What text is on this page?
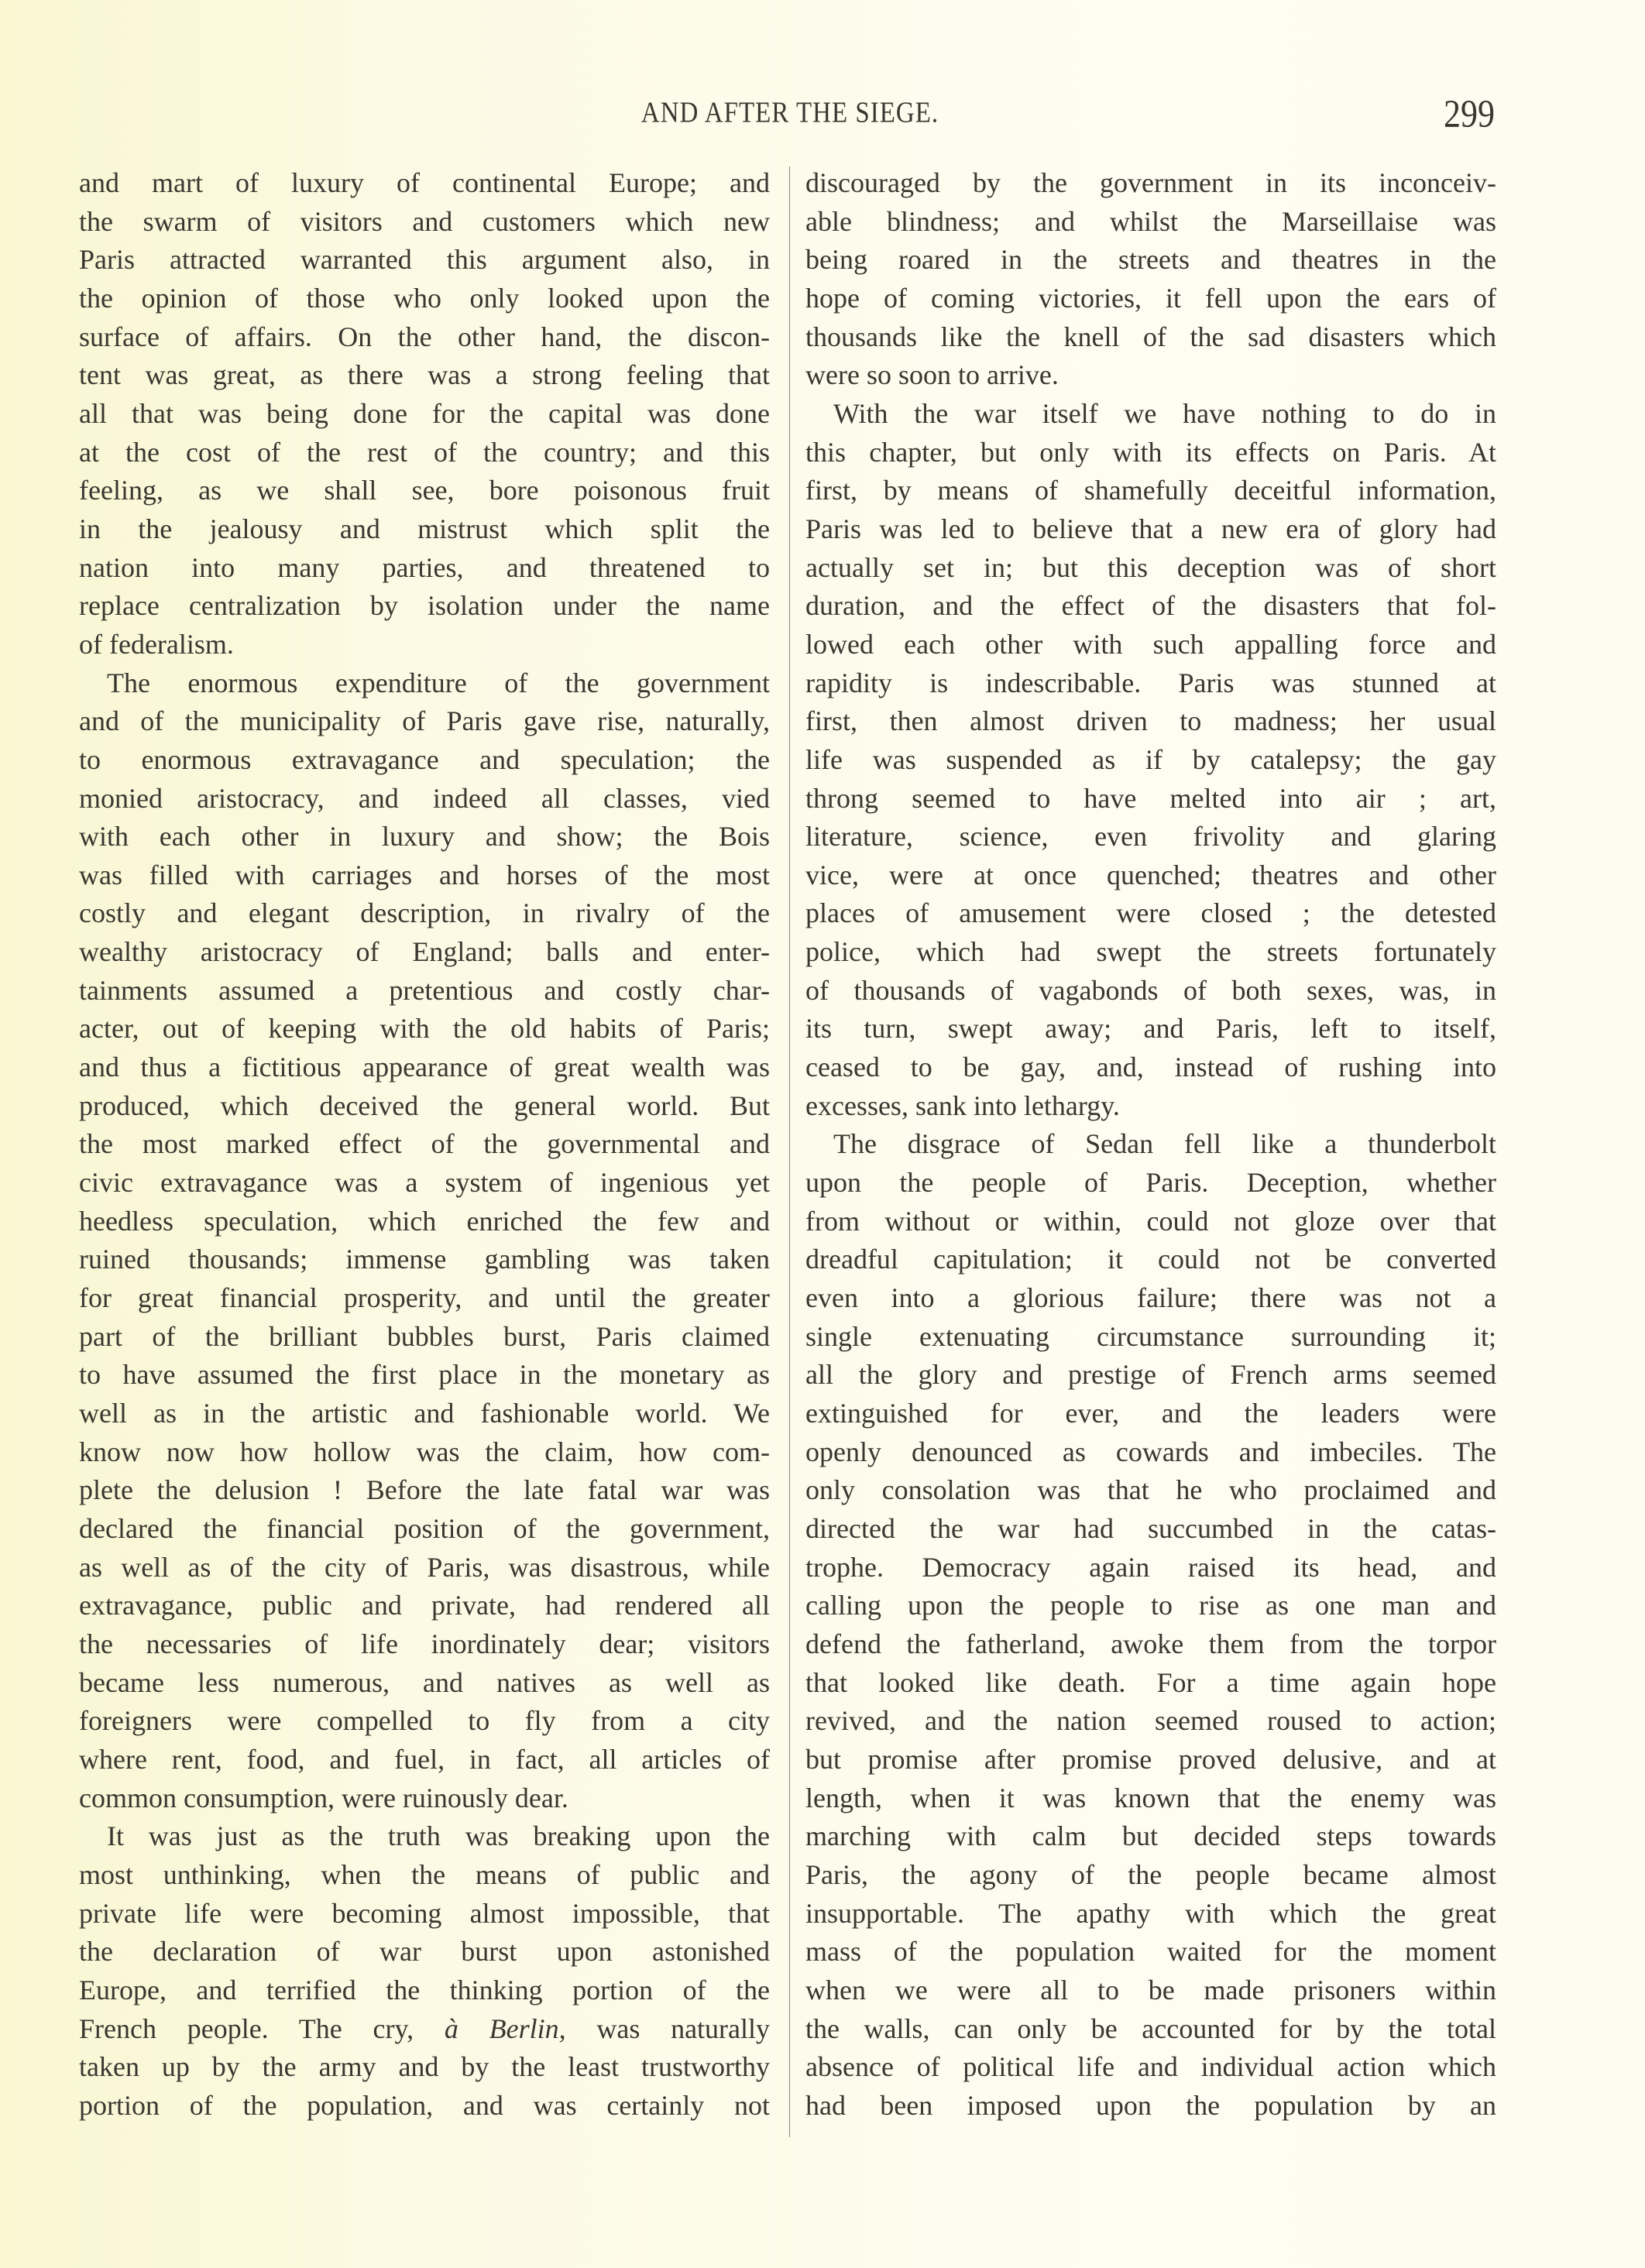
AND AFTER THE SIEGE.	299
and mart of luxury of continental Europe; and
the swarm of visitors and customers which new
Paris attracted warranted this argument also, in
the opinion of those who only looked upon the
surface of affairs. On the other hand, the discon-
tent was great, as there was a strong feeling that
all that was being done for the capital was done
at the cost of the rest of the country; and this
feeling, as we shall see, bore poisonous fruit
in the jealousy and mistrust which split the
nation into many parties, and threatened to
replace centralization by isolation under the name
of federalism.
The enormous expenditure of the government
and of the municipality of Paris gave rise, naturally,
to enormous extravagance and speculation; the
monied aristocracy, and indeed all classes, vied
with each other in luxury and show; the Bois
was filled with carriages and horses of the most
costly and elegant description, in rivalry of the
wealthy aristocracy of England; balls and enter-
tainments assumed a pretentious and costly char-
acter, out of keeping with the old habits of Paris;
and thus a fictitious appearance of great wealth was
produced, which deceived the general world. But
the most marked effect of the governmental and
civic extravagance was a system of ingenious yet
heedless speculation, which enriched the few and
ruined thousands; immense gambling was taken
for great financial prosperity, and until the greater
part of the brilliant bubbles burst, Paris claimed
to have assumed the first place in the monetary as
well as in the artistic and fashionable world. We
know now how hollow was the claim, how com-
plete the delusion ! Before the late fatal war was
declared the financial position of the government,
as well as of the city of Paris, was disastrous, while
extravagance, public and private, had rendered all
the necessaries of life inordinately dear; visitors
became less numerous, and natives as well as
foreigners were compelled to fly from a city
where rent, food, and fuel, in fact, all articles of
common consumption, were ruinously dear.
It was just as the truth was breaking upon the
most unthinking, when the means of public and
private life were becoming almost impossible, that
the declaration of war burst upon astonished
Europe, and terrified the thinking portion of the
French people. The cry, à Berlin, was naturally
taken up by the army and by the least trustworthy
portion of the population, and was certainly not
discouraged by the government in its inconceiv-
able blindness; and whilst the Marseillaise was
being roared in the streets and theatres in the
hope of coming victories, it fell upon the ears of
thousands like the knell of the sad disasters which
were so soon to arrive.
With the war itself we have nothing to do in
this chapter, but only with its effects on Paris. At
first, by means of shamefully deceitful information,
Paris was led to believe that a new era of glory had
actually set in; but this deception was of short
duration, and the effect of the disasters that fol-
lowed each other with such appalling force and
rapidity is indescribable. Paris was stunned at
first, then almost driven to madness; her usual
life was suspended as if by catalepsy; the gay
throng seemed to have melted into air ; art,
literature, science, even frivolity and glaring
vice, were at once quenched; theatres and other
places of amusement were closed ; the detested
police, which had swept the streets fortunately
of thousands of vagabonds of both sexes, was, in
its turn, swept away; and Paris, left to itself,
ceased to be gay, and, instead of rushing into
excesses, sank into lethargy.
The disgrace of Sedan fell like a thunderbolt
upon the people of Paris. Deception, whether
from without or within, could not gloze over that
dreadful capitulation; it could not be converted
even into a glorious failure; there was not a
single extenuating circumstance surrounding it;
all the glory and prestige of French arms seemed
extinguished for ever, and the leaders were
openly denounced as cowards and imbeciles. The
only consolation was that he who proclaimed and
directed the war had succumbed in the catas-
trophe. Democracy again raised its head, and
calling upon the people to rise as one man and
defend the fatherland, awoke them from the torpor
that looked like death. For a time again hope
revived, and the nation seemed roused to action;
but promise after promise proved delusive, and at
length, when it was known that the enemy was
marching with calm but decided steps towards
Paris, the agony of the people became almost
insupportable. The apathy with which the great
mass of the population waited for the moment
when we were all to be made prisoners within
the walls, can only be accounted for by the total
absence of political life and individual action which
had been imposed upon the population by an
